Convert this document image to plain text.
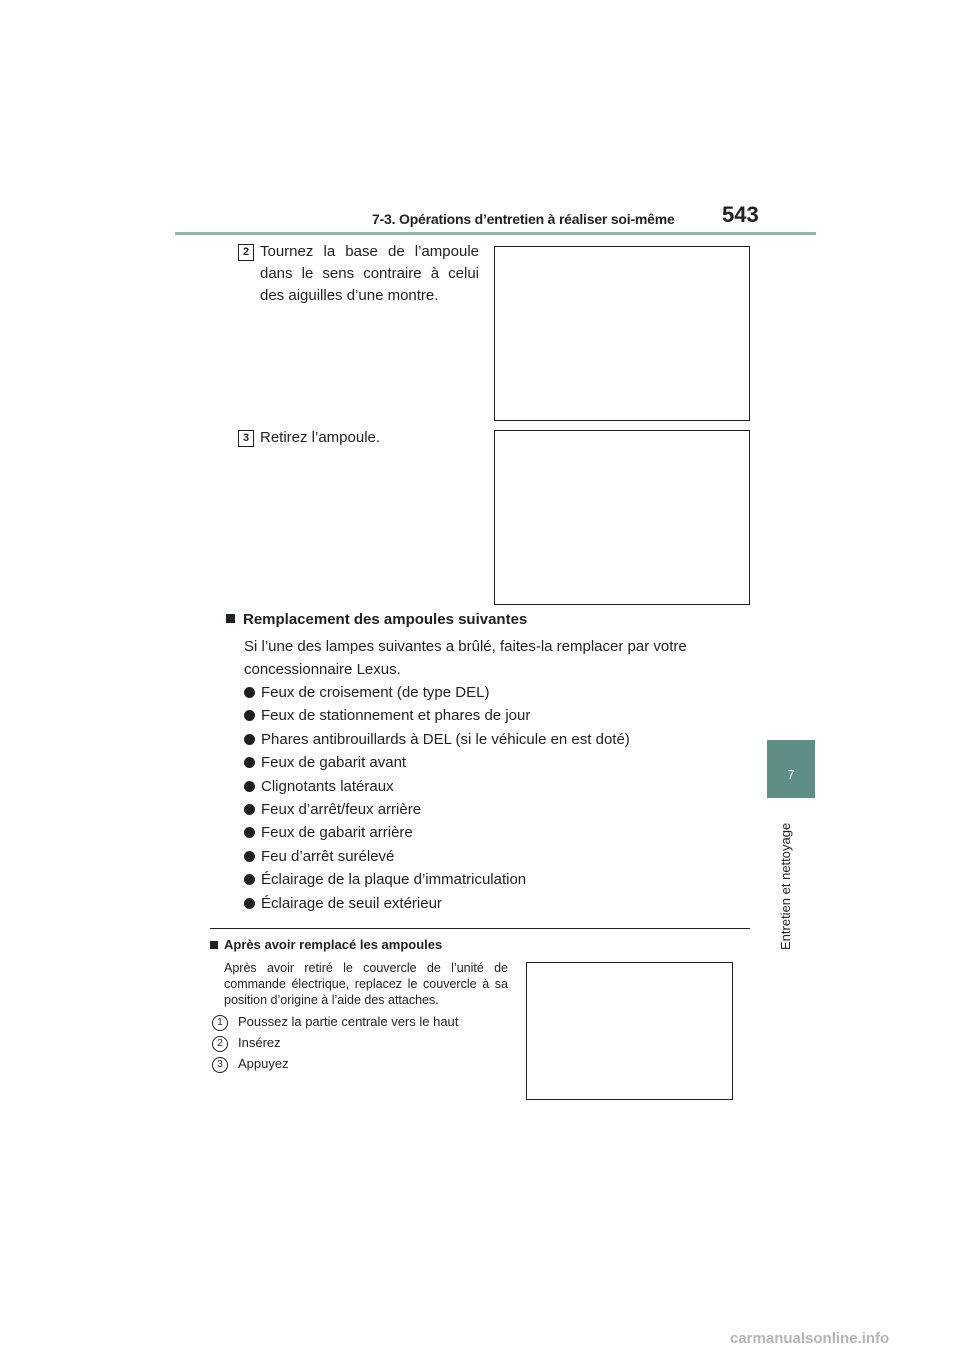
7-3. Opérations d’entretien à réaliser soi-même 543
7
Entretien et nettoyage
2 Tournez la base de l’ampoule dans le sens contraire à celui des aiguilles d’une montre.
3 Retirez l’ampoule.
Remplacement des ampoules suivantes
Si l’une des lampes suivantes a brûlé, faites-la remplacer par votre concessionnaire Lexus.
Feux de croisement (de type DEL)
Feux de stationnement et phares de jour
Phares antibrouillards à DEL (si le véhicule en est doté)
Feux de gabarit avant
Clignotants latéraux
Feux d’arrêt/feux arrière
Feux de gabarit arrière
Feu d’arrêt surélevé
Éclairage de la plaque d’immatriculation
Éclairage de seuil extérieur
Après avoir remplacé les ampoules
Après avoir retiré le couvercle de l’unité de commande électrique, replacez le couvercle à sa position d’origine à l’aide des attaches.
1 Poussez la partie centrale vers le haut
2 Insérez
3 Appuyez
carmanualsonline.info
